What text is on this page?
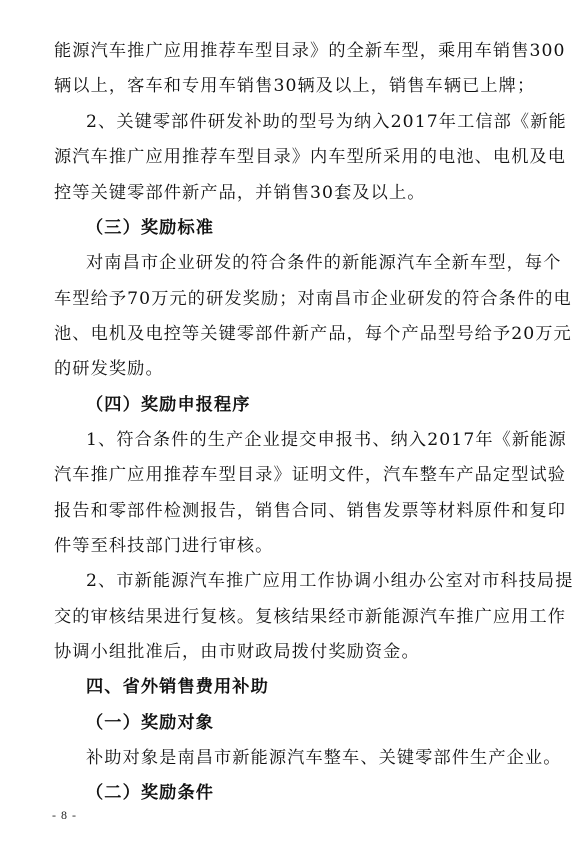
能源汽车推广应用推荐车型目录》的全新车型，乘用车销售300
辆以上，客车和专用车销售30辆及以上，销售车辆已上牌；
2、关键零部件研发补助的型号为纳入2017年工信部《新能
源汽车推广应用推荐车型目录》内车型所采用的电池、电机及电
控等关键零部件新产品，并销售30套及以上。
（三）奖励标准
对南昌市企业研发的符合条件的新能源汽车全新车型，每个
车型给予70万元的研发奖励；对南昌市企业研发的符合条件的电
池、电机及电控等关键零部件新产品，每个产品型号给予20万元
的研发奖励。
（四）奖励申报程序
1、符合条件的生产企业提交申报书、纳入2017年《新能源
汽车推广应用推荐车型目录》证明文件，汽车整车产品定型试验
报告和零部件检测报告，销售合同、销售发票等材料原件和复印
件等至科技部门进行审核。
2、市新能源汽车推广应用工作协调小组办公室对市科技局提
交的审核结果进行复核。复核结果经市新能源汽车推广应用工作
协调小组批准后，由市财政局拨付奖励资金。
四、省外销售费用补助
（一）奖励对象
补助对象是南昌市新能源汽车整车、关键零部件生产企业。
（二）奖励条件
- 8 -
